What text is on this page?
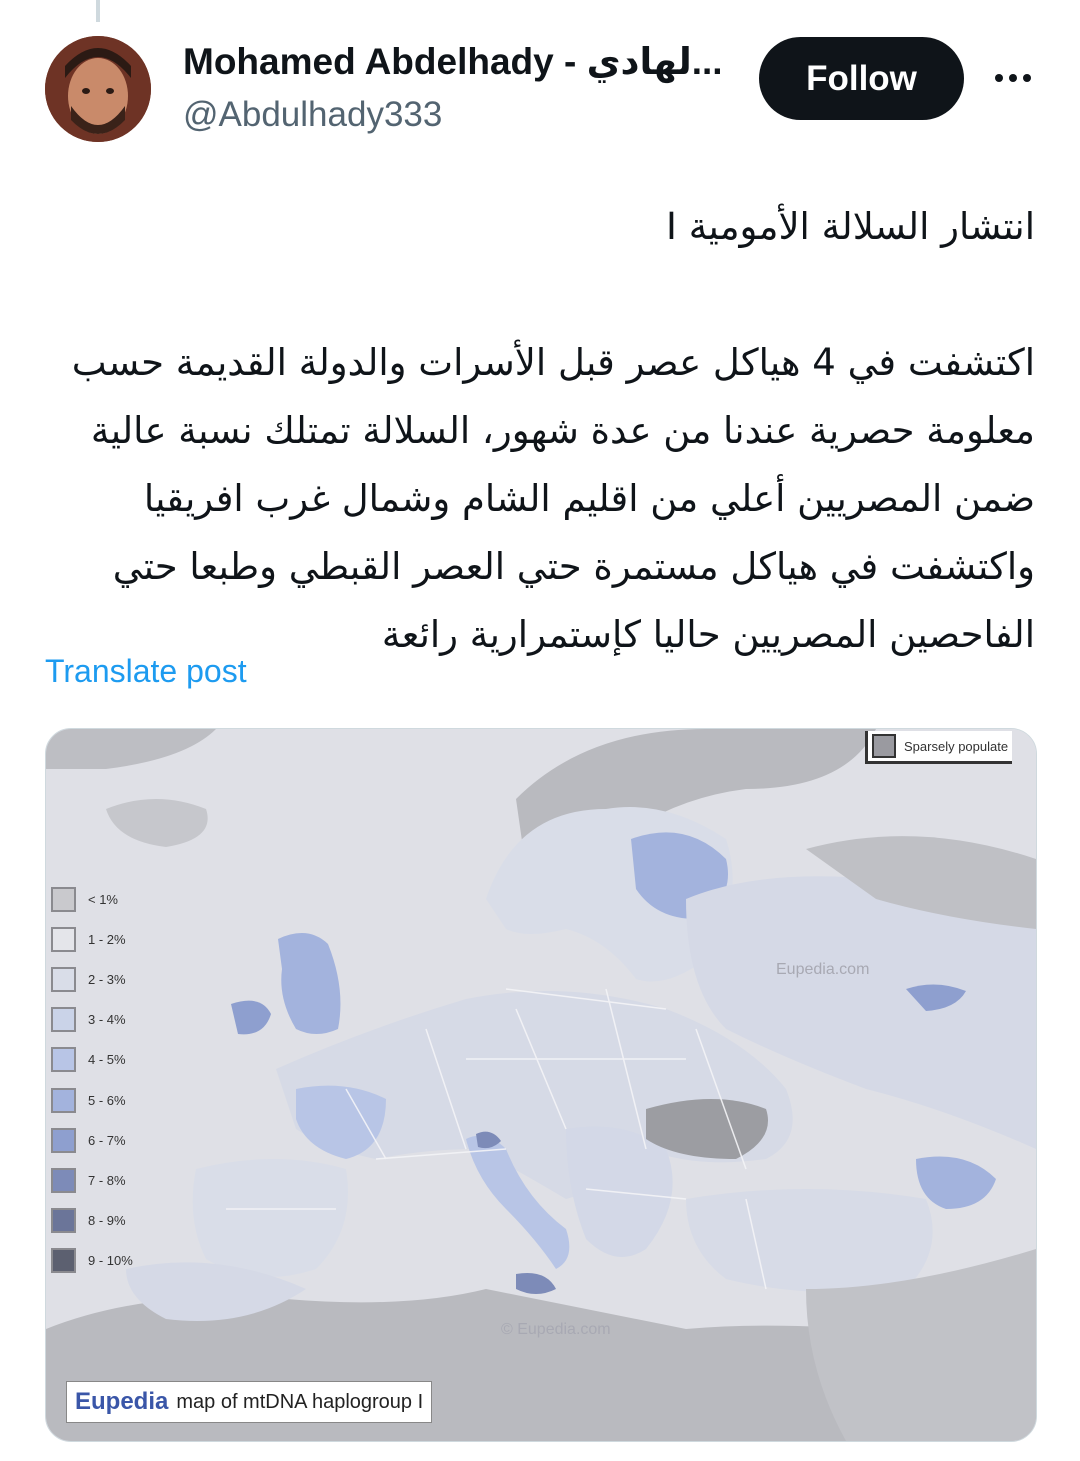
Mohamed Abdelhady - لهادي...
@Abdulhady333
Follow
انتشار السلالة الأمومية I

اكتشفت في 4 هياكل عصر قبل الأسرات والدولة القديمة حسب معلومة حصرية عندنا من عدة شهور، السلالة تمتلك نسبة عالية ضمن المصريين أعلي من اقليم الشام وشمال غرب افريقيا واكتشفت في هياكل مستمرة حتي العصر القبطي وطبعا حتي الفاحصين المصريين حاليا كإستمرارية رائعة
Translate post
Sparsely populate
< 1%
1 - 2%
2 - 3%
3 - 4%
4 - 5%
5 - 6%
6 - 7%
7 - 8%
8 - 9%
9 - 10%
Eupedia.com
© Eupedia.com
Eupedia map of mtDNA haplogroup I
